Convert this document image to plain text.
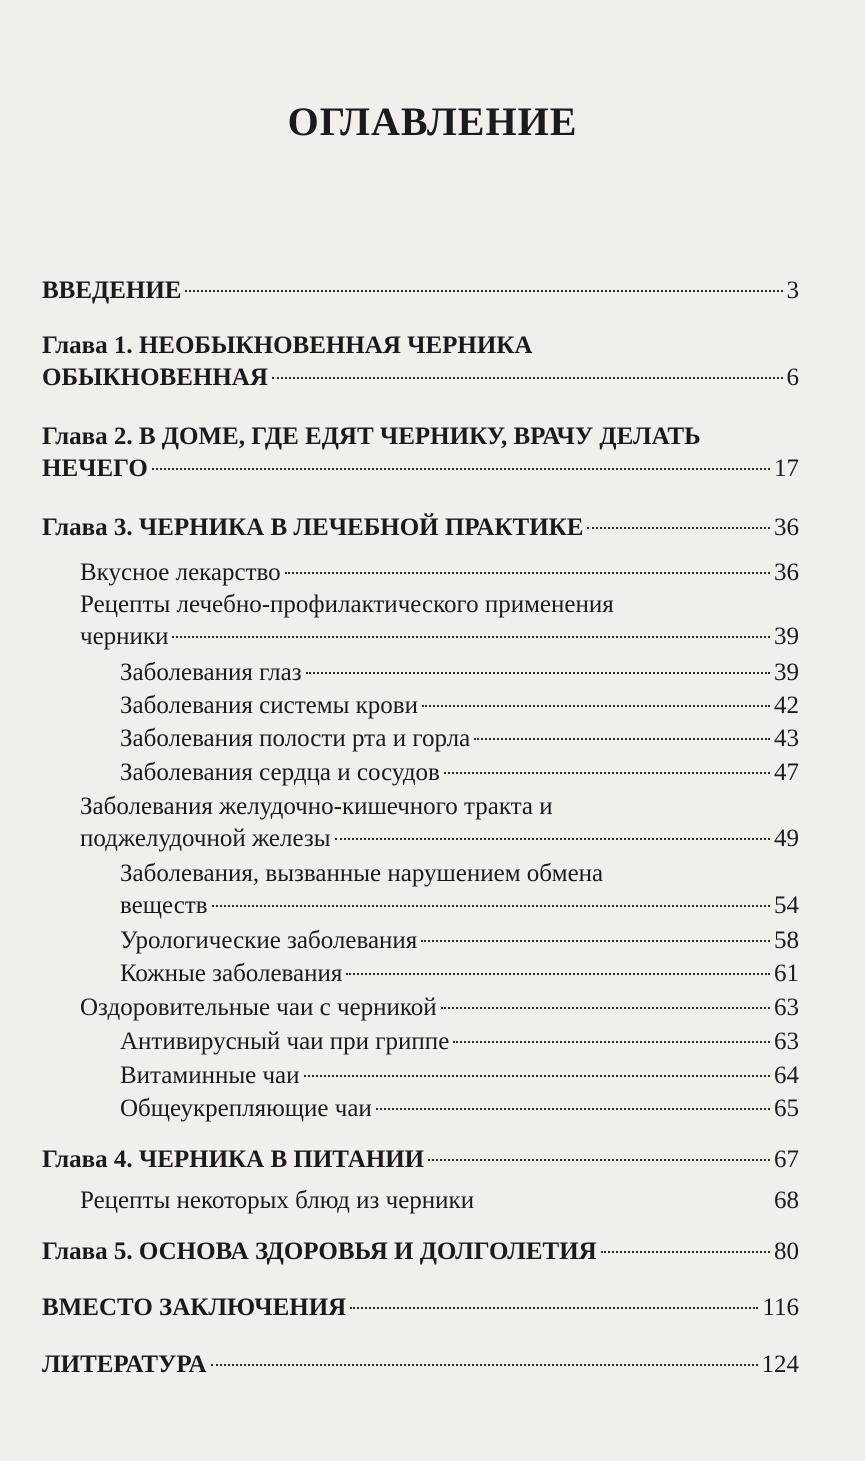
ОГЛАВЛЕНИЕ
ВВЕДЕНИЕ	3
Глава 1. НЕОБЫКНОВЕННАЯ ЧЕРНИКА
ОБЫКНОВЕННАЯ	6
Глава 2. В ДОМЕ, ГДЕ ЕДЯТ ЧЕРНИКУ, ВРАЧУ ДЕЛАТЬ
НЕЧЕГО	17
Глава 3. ЧЕРНИКА В ЛЕЧЕБНОЙ ПРАКТИКЕ	36
Вкусное лекарство	36
Рецепты лечебно-профилактического применения
черники	39
Заболевания глаз	39
Заболевания системы крови	42
Заболевания полости рта и горла	43
Заболевания сердца и сосудов	47
Заболевания желудочно-кишечного тракта и
поджелудочной железы	49
Заболевания, вызванные нарушением обмена
веществ	54
Урологические заболевания	58
Кожные заболевания	61
Оздоровительные чаи с черникой	63
Антивирусный чаи при гриппе	63
Витаминные чаи	64
Общеукрепляющие чаи	65
Глава 4. ЧЕРНИКА В ПИТАНИИ	67
Рецепты некоторых блюд из черники	68
Глава 5. ОСНОВА ЗДОРОВЬЯ И ДОЛГОЛЕТИЯ	80
ВМЕСТО ЗАКЛЮЧЕНИЯ	116
ЛИТЕРАТУРА	124
